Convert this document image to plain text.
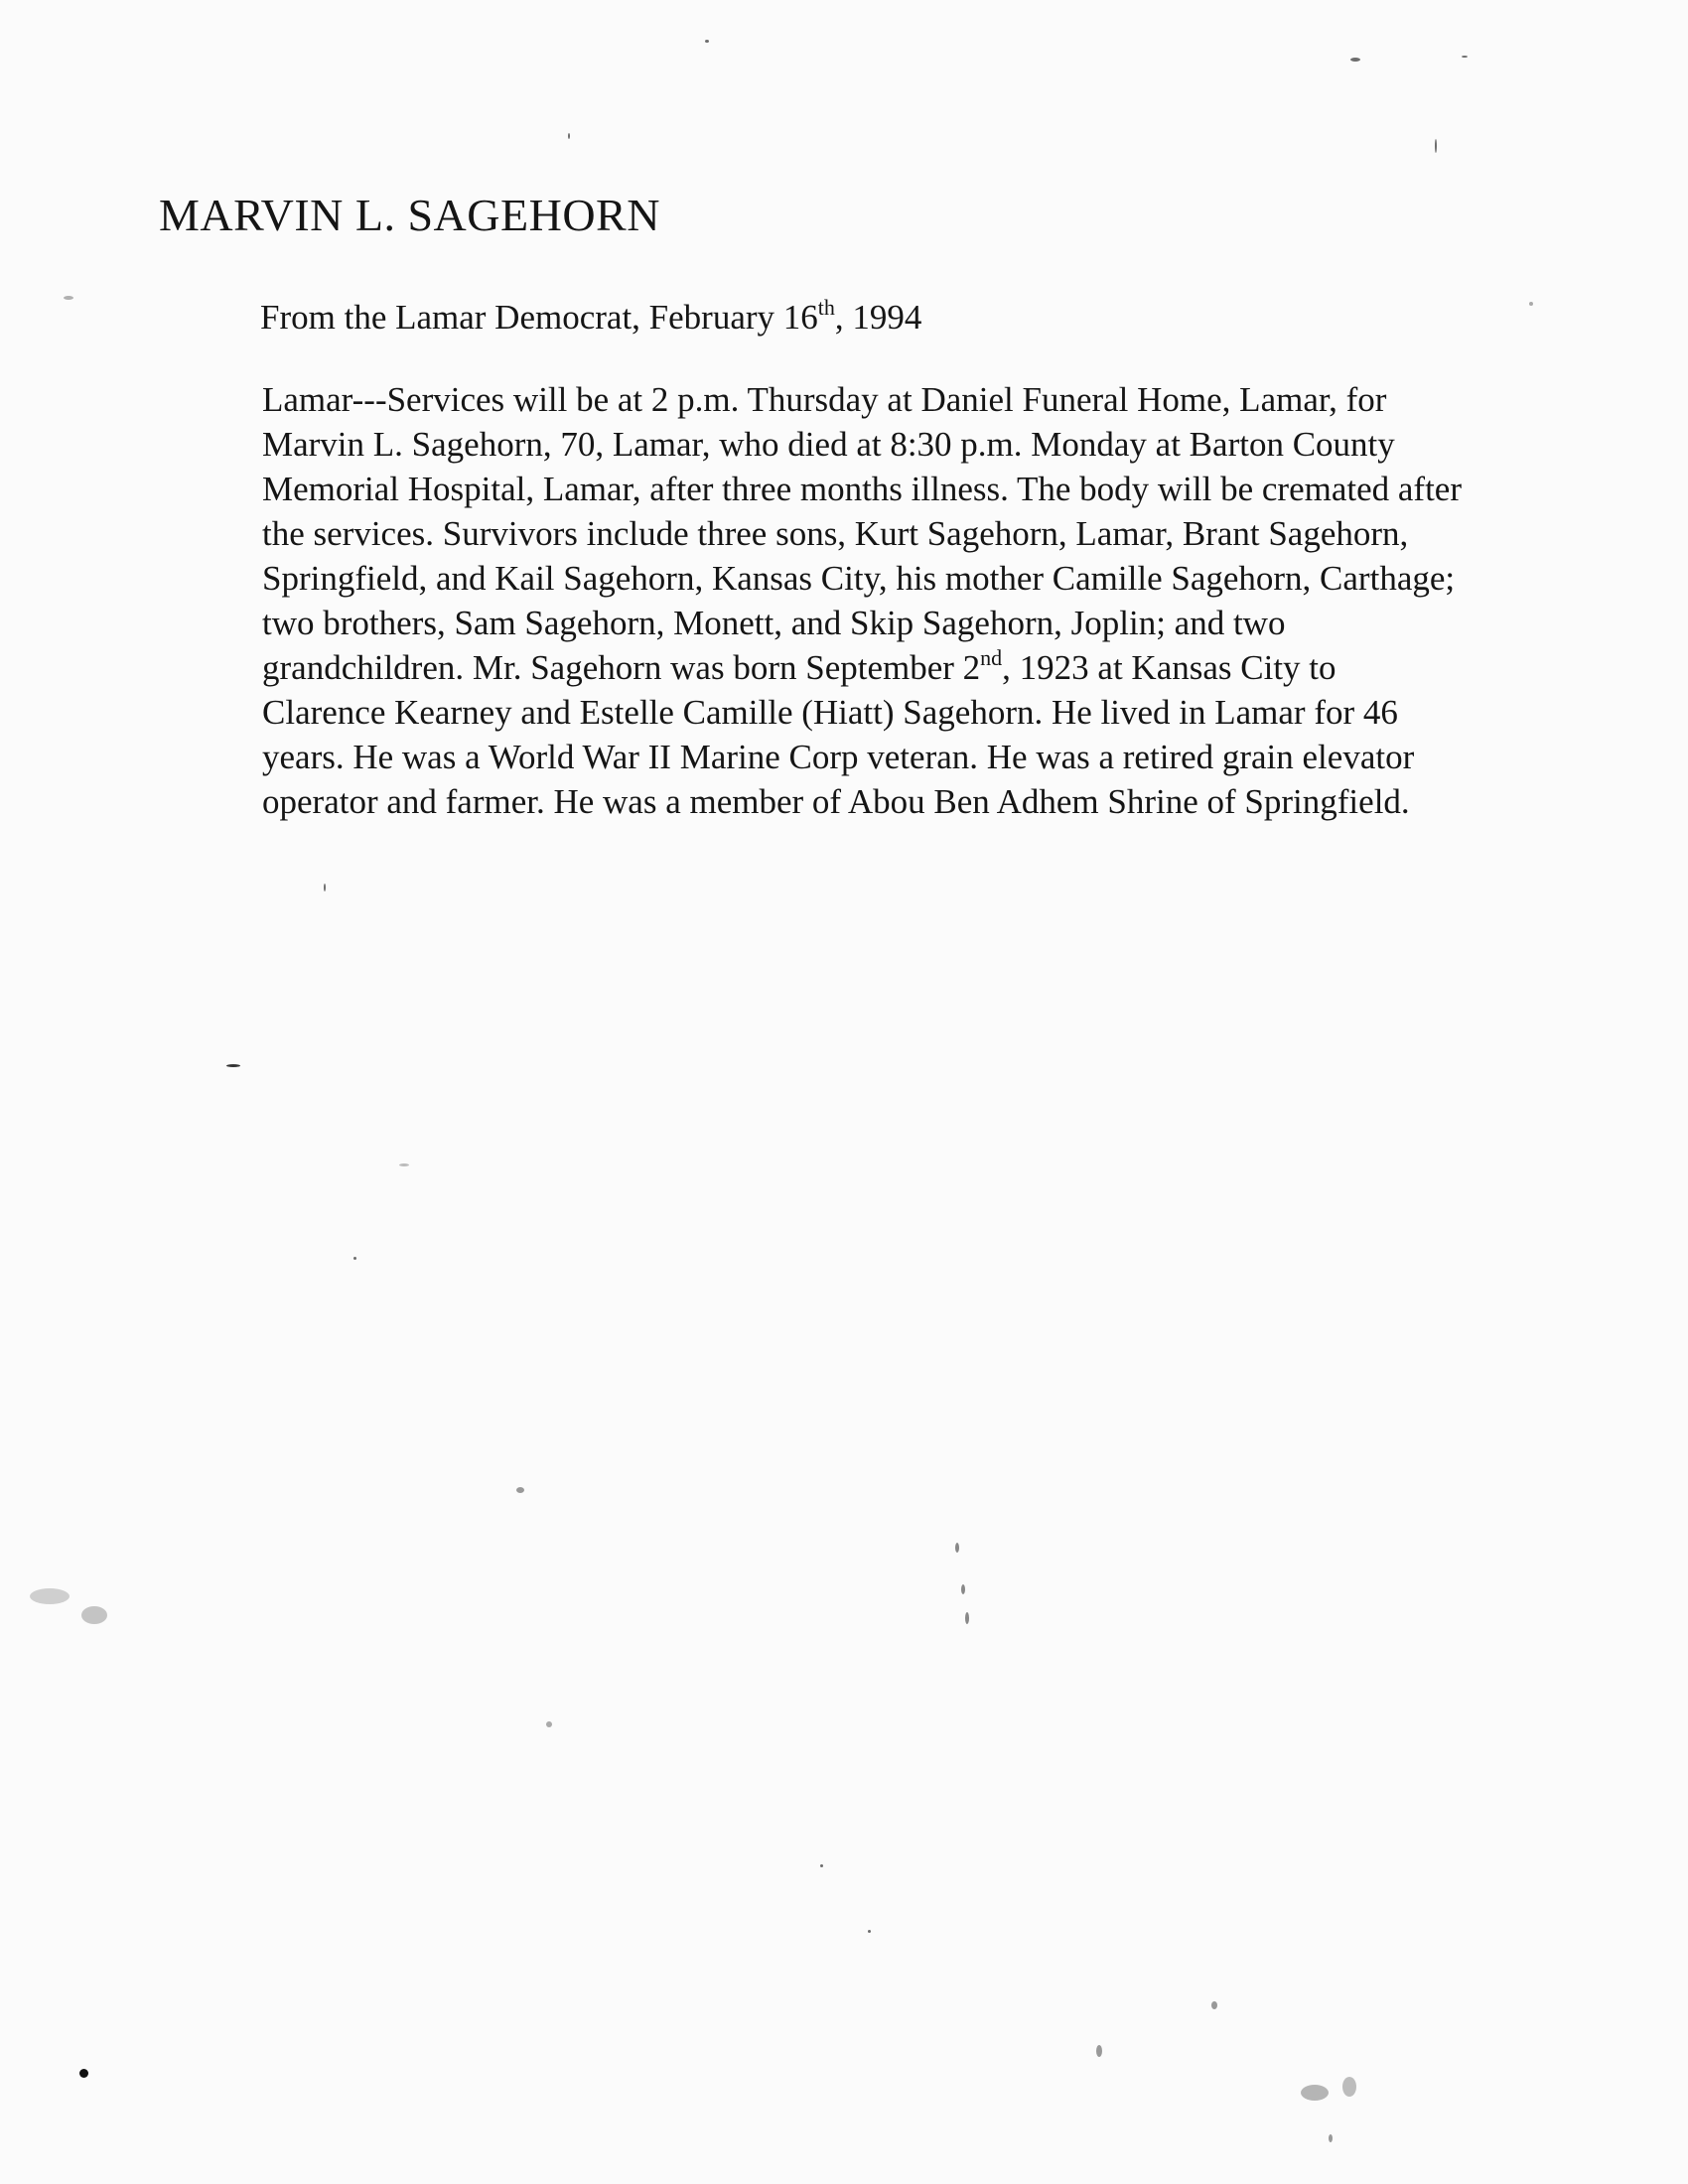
MARVIN L. SAGEHORN

From the Lamar Democrat, February 16th, 1994

Lamar---Services will be at 2 p.m. Thursday at Daniel Funeral Home, Lamar, for
Marvin L. Sagehorn, 70, Lamar, who died at 8:30 p.m. Monday at Barton County
Memorial Hospital, Lamar, after three months illness. The body will be cremated after
the services. Survivors include three sons, Kurt Sagehorn, Lamar, Brant Sagehorn,
Springfield, and Kail Sagehorn, Kansas City, his mother Camille Sagehorn, Carthage;
two brothers, Sam Sagehorn, Monett, and Skip Sagehorn, Joplin; and two
grandchildren. Mr. Sagehorn was born September 2nd, 1923 at Kansas City to
Clarence Kearney and Estelle Camille (Hiatt) Sagehorn. He lived in Lamar for 46
years. He was a World War II Marine Corp veteran. He was a retired grain elevator
operator and farmer. He was a member of Abou Ben Adhem Shrine of Springfield.
